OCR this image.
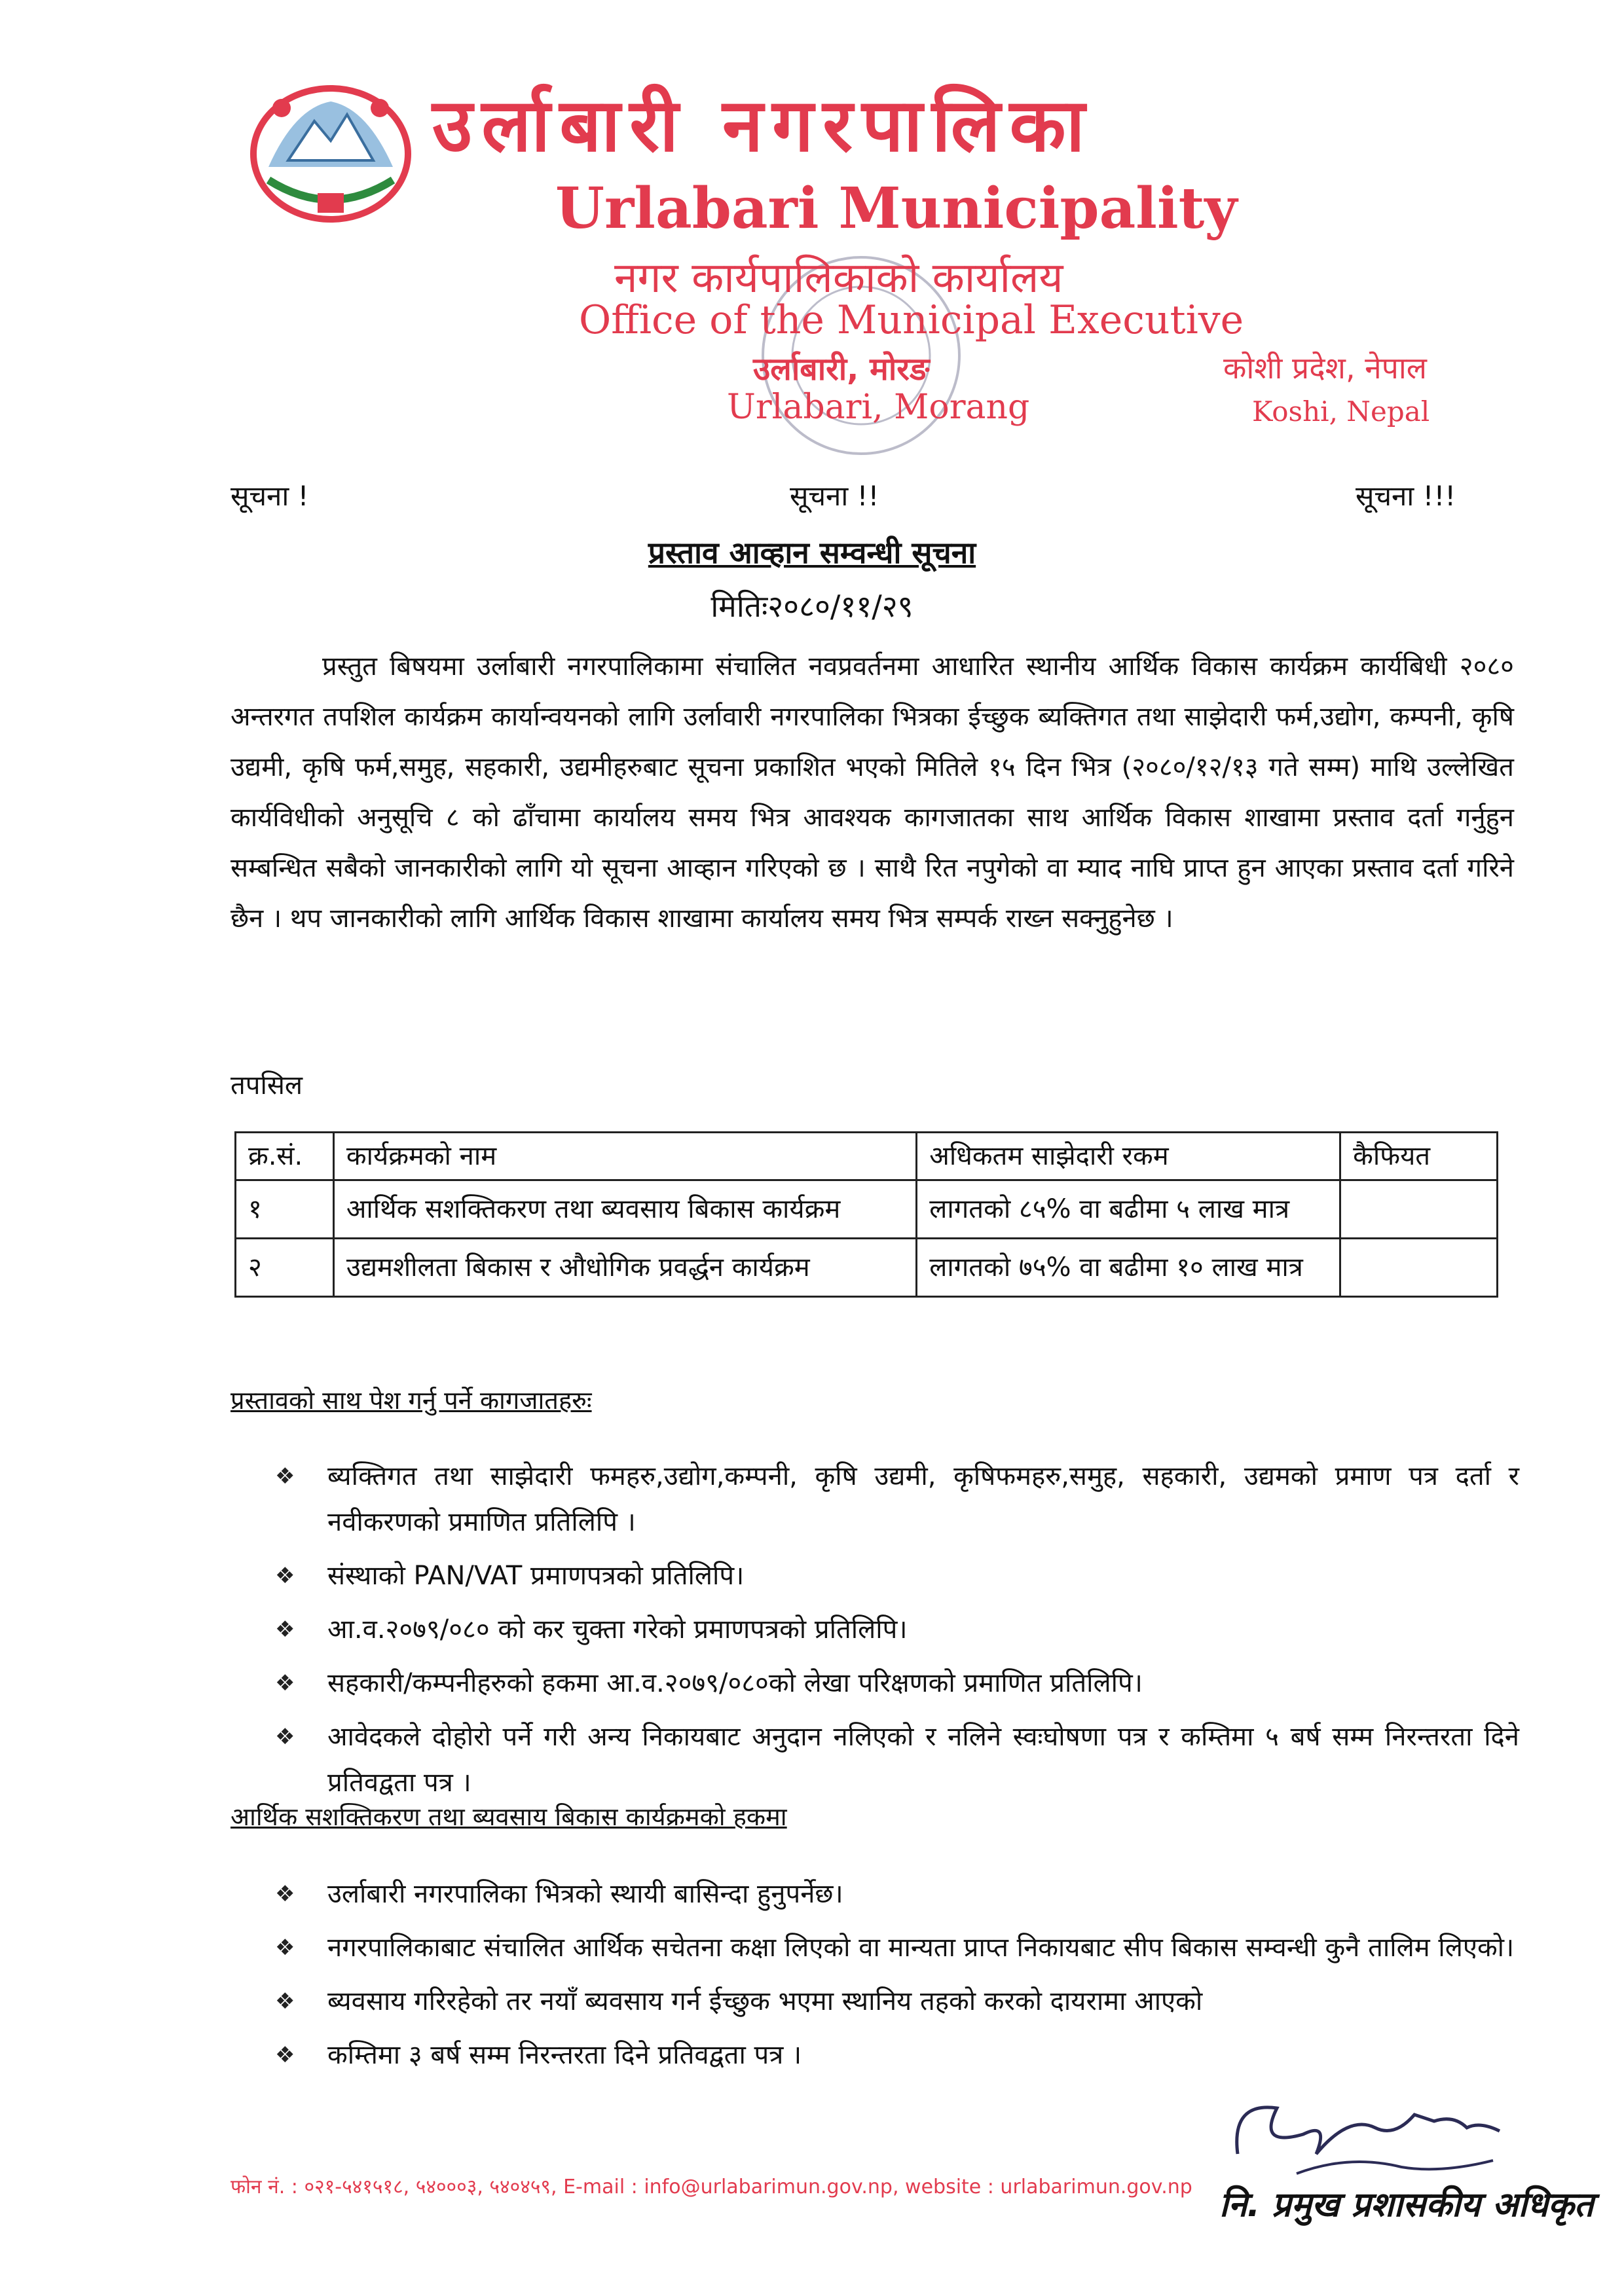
उर्लाबारी नगरपालिका
Urlabari Municipality
नगर कार्यपालिकाको कार्यालय
Office of the Municipal Executive
उर्लाबारी, मोरङ
Urlabari, Morang
कोशी प्रदेश, नेपाल
Koshi, Nepal
सूचना !	सूचना !!	सूचना !!!
प्रस्ताव आव्हान सम्वन्धी सूचना
मितिः२०८०/११/२९
प्रस्तुत बिषयमा उर्लाबारी नगरपालिकामा संचालित नवप्रवर्तनमा आधारित स्थानीय आर्थिक विकास कार्यक्रम कार्यबिधी २०८० अन्तरगत तपशिल कार्यक्रम कार्यान्वयनको लागि उर्लावारी नगरपालिका भित्रका ईच्छुक ब्यक्तिगत तथा साझेदारी फर्म,उद्योग, कम्पनी, कृषि उद्यमी, कृषि फर्म,समुह, सहकारी, उद्यमीहरुबाट सूचना प्रकाशित भएको मितिले १५ दिन भित्र (२०८०/१२/१३ गते सम्म) माथि उल्लेखित कार्यविधीको अनुसूचि ८ को ढाँचामा कार्यालय समय भित्र आवश्यक कागजातका साथ आर्थिक विकास शाखामा प्रस्ताव दर्ता गर्नुहुन सम्बन्धित सबैको जानकारीको लागि यो सूचना आव्हान गरिएको छ । साथै रित नपुगेको वा म्याद नाघि प्राप्त हुन आएका प्रस्ताव दर्ता गरिने छैन । थप जानकारीको लागि आर्थिक विकास शाखामा कार्यालय समय भित्र सम्पर्क राख्न सक्नुहुनेछ ।
तपसिल
क्र.सं.	कार्यक्रमको नाम	अधिकतम साझेदारी रकम	कैफियत
१	आर्थिक सशक्तिकरण तथा ब्यवसाय बिकास कार्यक्रम	लागतको ८५% वा बढीमा ५ लाख मात्र	
२	उद्यमशीलता बिकास र औधोगिक प्रवर्द्धन कार्यक्रम	लागतको ७५% वा बढीमा १० लाख मात्र	
प्रस्तावको साथ पेश गर्नु पर्ने कागजातहरुः
❖ ब्यक्तिगत तथा साझेदारी फमहरु,उद्योग,कम्पनी, कृषि उद्यमी, कृषिफमहरु,समुह, सहकारी, उद्यमको प्रमाण पत्र दर्ता र नवीकरणको प्रमाणित प्रतिलिपि ।
❖ संस्थाको PAN/VAT प्रमाणपत्रको प्रतिलिपि।
❖ आ.व.२०७९/०८० को कर चुक्ता गरेको प्रमाणपत्रको प्रतिलिपि।
❖ सहकारी/कम्पनीहरुको हकमा आ.व.२०७९/०८०को लेखा परिक्षणको प्रमाणित प्रतिलिपि।
❖ आवेदकले दोहोरो पर्ने गरी अन्य निकायबाट अनुदान नलिएको र नलिने स्वःघोषणा पत्र र कम्तिमा ५ बर्ष सम्म निरन्तरता दिने प्रतिवद्वता पत्र ।
आर्थिक सशक्तिकरण तथा ब्यवसाय बिकास कार्यक्रमको हकमा
❖ उर्लाबारी नगरपालिका भित्रको स्थायी बासिन्दा हुनुपर्नेछ।
❖ नगरपालिकाबाट संचालित आर्थिक सचेतना कक्षा लिएको वा मान्यता प्राप्त निकायबाट सीप बिकास सम्वन्धी कुनै तालिम लिएको।
❖ ब्यवसाय गरिरहेको तर नयाँ ब्यवसाय गर्न ईच्छुक भएमा स्थानिय तहको करको दायरामा आएको
❖ कम्तिमा ३ बर्ष सम्म निरन्तरता दिने प्रतिवद्वता पत्र ।
फोन नं. : ०२१-५४१५१८, ५४०००३, ५४०४५९, E-mail : info@urlabarimun.gov.np, website : urlabarimun.gov.np नि. प्रमुख प्रशासकीय अधिकृत
